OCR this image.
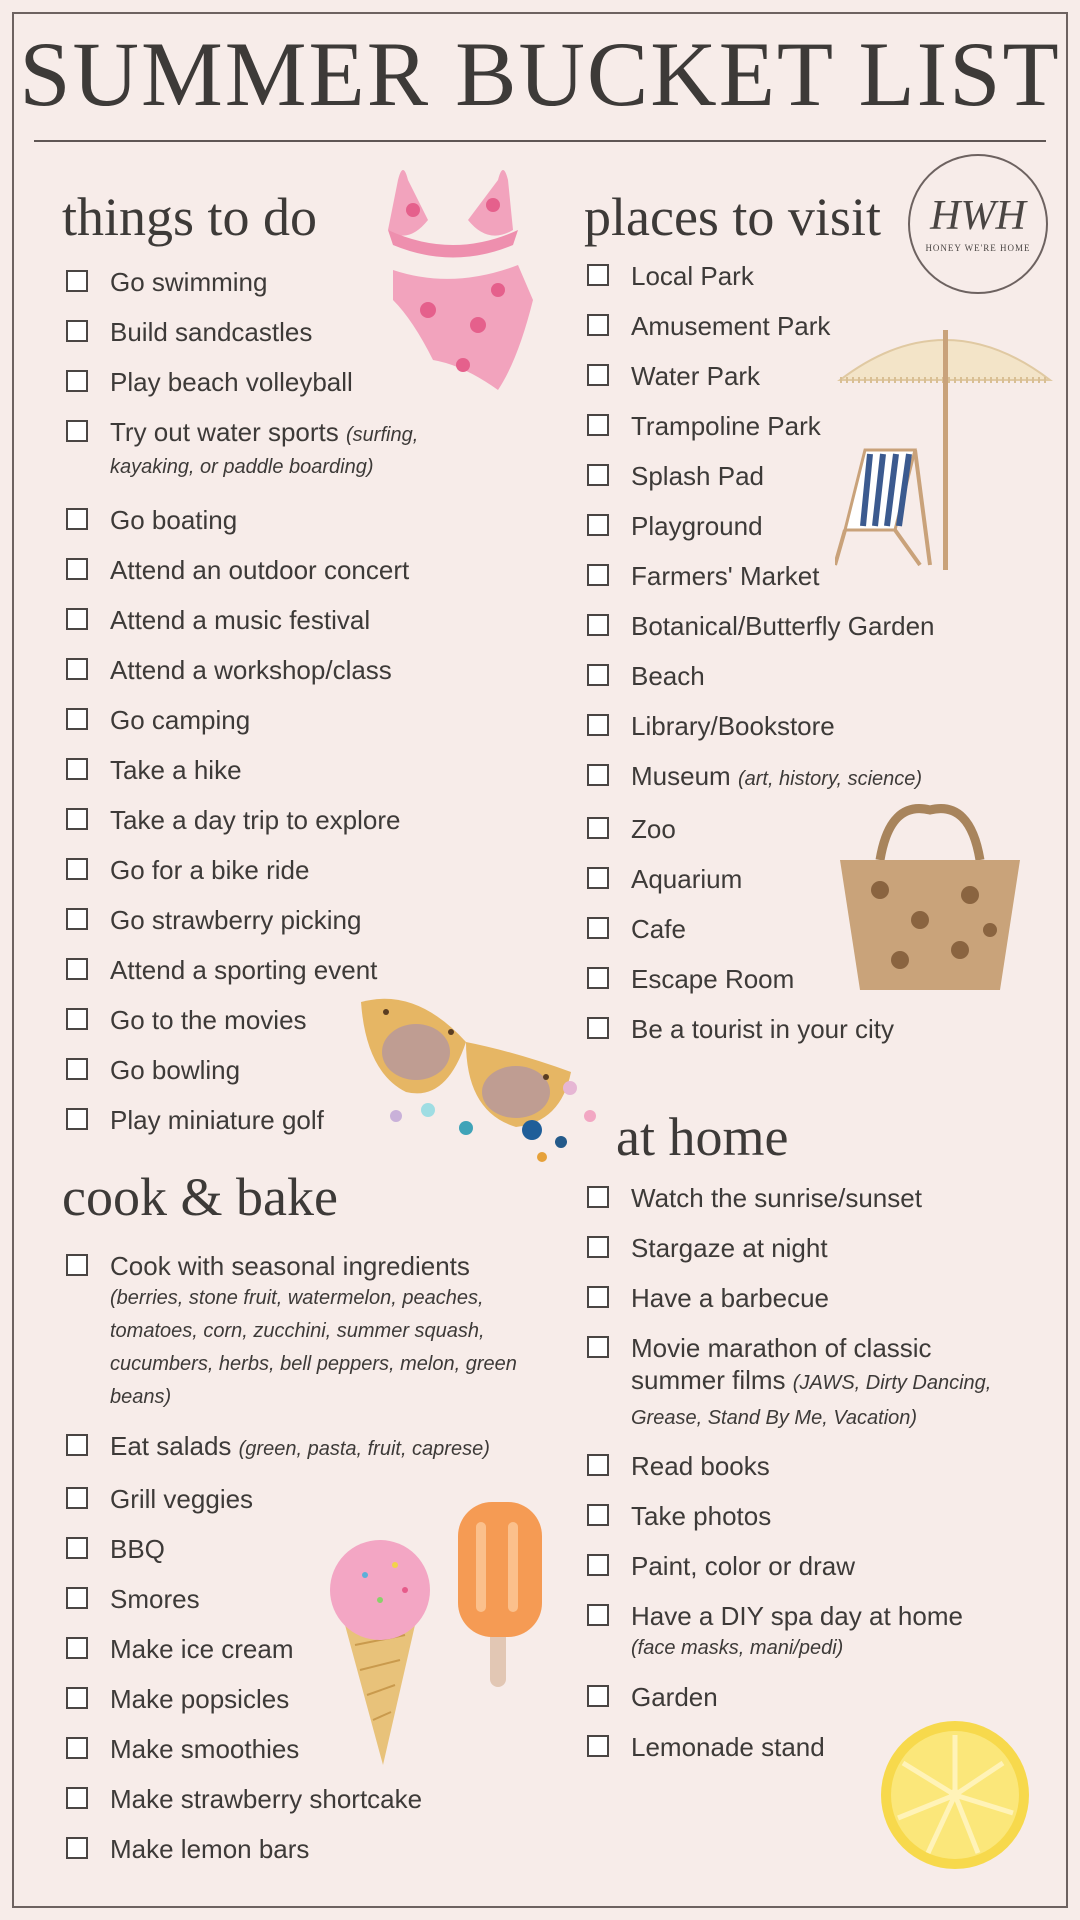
SUMMER BUCKET LIST
HWH
HONEY WE'RE HOME
things to do	places to visit
cook & bake
at home
Go swimming
Build sandcastles
Play beach volleyball
Try out water sports (surfing,
kayaking, or paddle boarding)
Go boating
Attend an outdoor concert
Attend a music festival
Attend a workshop/class
Go camping
Take a hike
Take a day trip to explore
Go for a bike ride
Go strawberry picking
Attend a sporting event
Go to the movies
Go bowling
Play miniature golf
Local Park
Amusement Park
Water Park
Trampoline Park
Splash Pad
Playground
Farmers' Market
Botanical/Butterfly Garden
Beach
Library/Bookstore
Museum (art, history, science)
Zoo
Aquarium
Cafe
Escape Room
Be a tourist in your city
Cook with seasonal ingredients
(berries, stone fruit, watermelon, peaches, tomatoes, corn, zucchini, summer squash, cucumbers, herbs, bell peppers, melon, green beans)
Eat salads (green, pasta, fruit, caprese)
Grill veggies
BBQ
Smores
Make ice cream
Make popsicles
Make smoothies
Make strawberry shortcake
Make lemon bars
Watch the sunrise/sunset
Stargaze at night
Have a barbecue
Movie marathon of classic summer films (JAWS, Dirty Dancing, Grease, Stand By Me, Vacation)
Read books
Take photos
Paint, color or draw
Have a DIY spa day at home
(face masks, mani/pedi)
Garden
Lemonade stand
